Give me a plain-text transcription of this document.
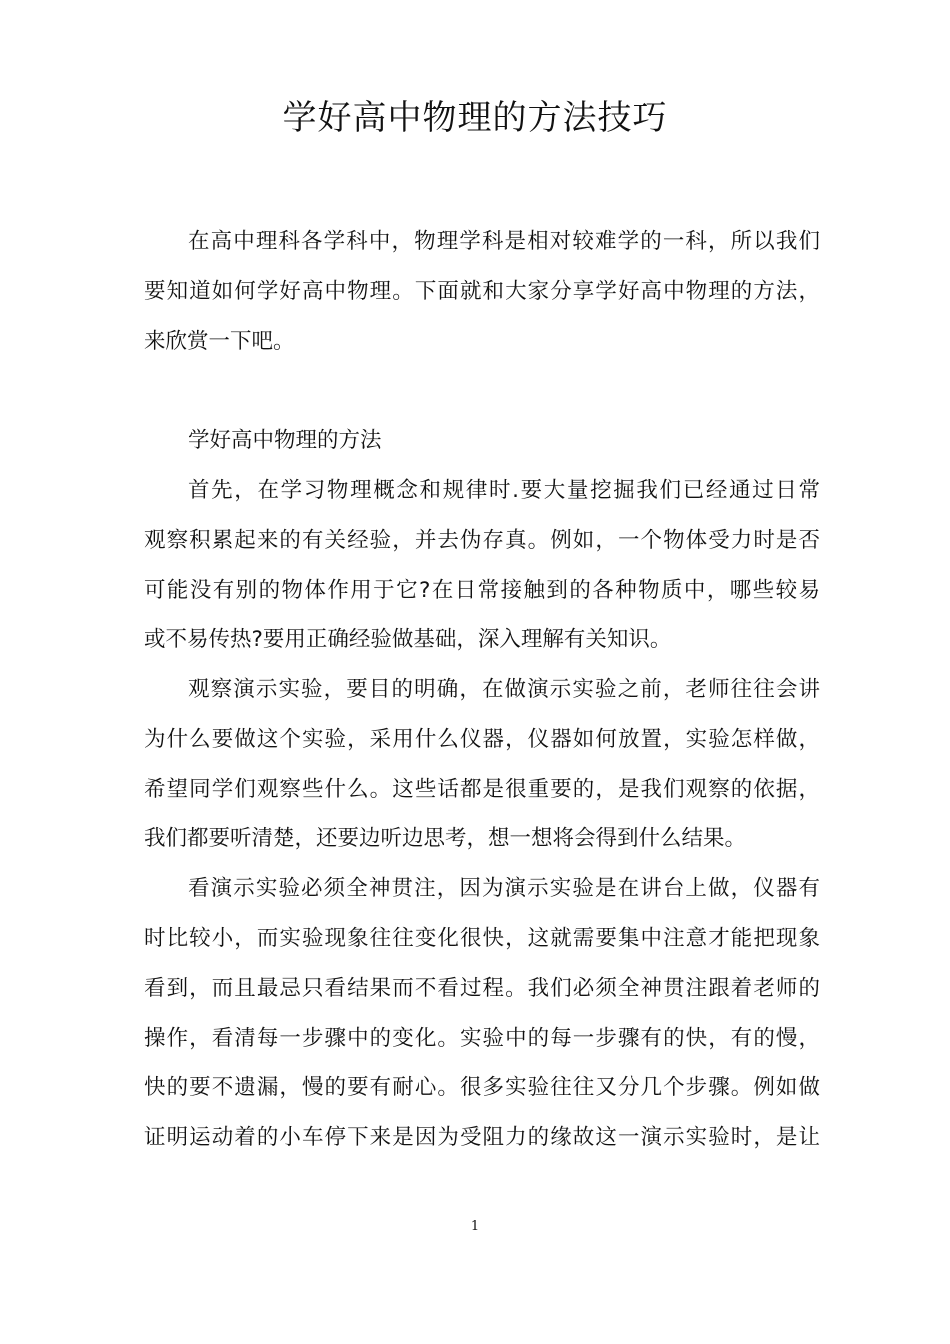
学好高中物理的方法技巧
在高中理科各学科中，物理学科是相对较难学的一科，所以我们
要知道如何学好高中物理。下面就和大家分享学好高中物理的方法，
来欣赏一下吧。
学好高中物理的方法
首先，在学习物理概念和规律时.要大量挖掘我们已经通过日常
观察积累起来的有关经验，并去伪存真。例如，一个物体受力时是否
可能没有别的物体作用于它?在日常接触到的各种物质中，哪些较易
或不易传热?要用正确经验做基础，深入理解有关知识。
观察演示实验，要目的明确，在做演示实验之前，老师往往会讲
为什么要做这个实验，采用什么仪器，仪器如何放置，实验怎样做，
希望同学们观察些什么。这些话都是很重要的，是我们观察的依据，
我们都要听清楚，还要边听边思考，想一想将会得到什么结果。
看演示实验必须全神贯注，因为演示实验是在讲台上做，仪器有
时比较小，而实验现象往往变化很快，这就需要集中注意才能把现象
看到，而且最忌只看结果而不看过程。我们必须全神贯注跟着老师的
操作，看清每一步骤中的变化。实验中的每一步骤有的快，有的慢，
快的要不遗漏，慢的要有耐心。很多实验往往又分几个步骤。例如做
证明运动着的小车停下来是因为受阻力的缘故这一演示实验时，是让
1
